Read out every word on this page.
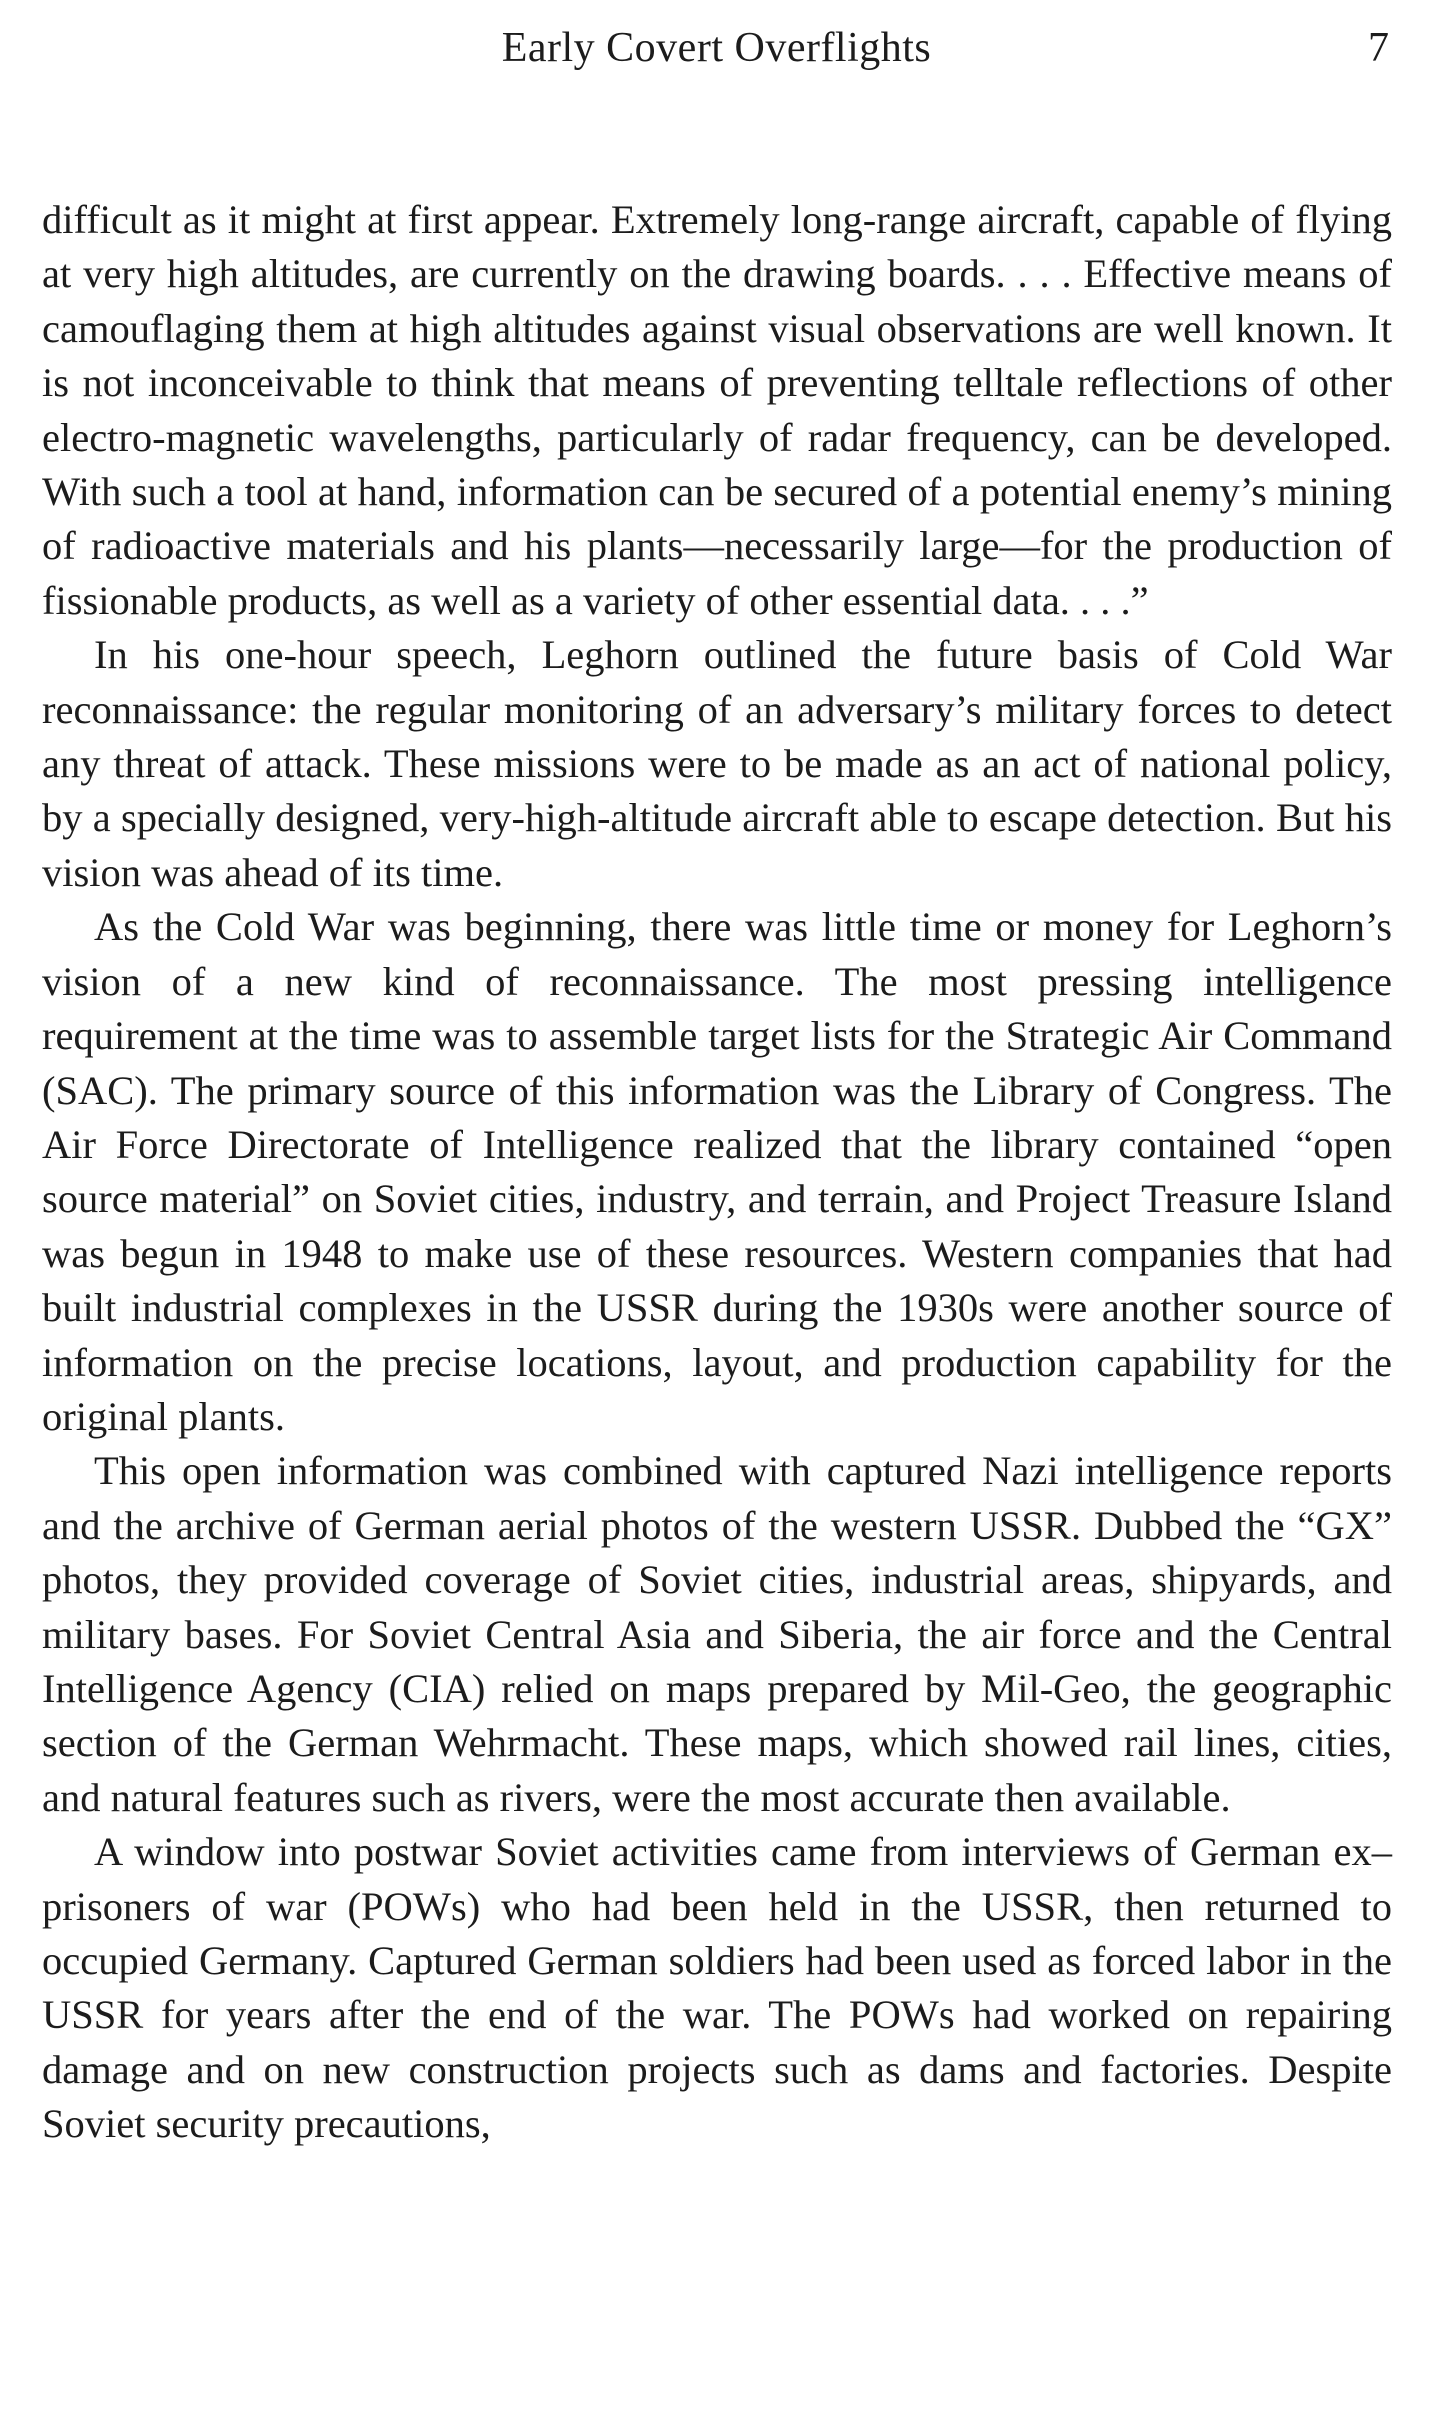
Early Covert Overflights	7

difficult as it might at first appear. Extremely long-range aircraft, capable of flying at very high altitudes, are currently on the drawing boards. . . . Effective means of camouflaging them at high altitudes against visual observations are well known. It is not inconceivable to think that means of preventing telltale reflections of other electro-magnetic wavelengths, particularly of radar frequency, can be developed. With such a tool at hand, information can be secured of a potential enemy’s mining of radioactive materials and his plants—necessarily large—for the production of fissionable products, as well as a variety of other essential data. . . .”

In his one-hour speech, Leghorn outlined the future basis of Cold War reconnaissance: the regular monitoring of an adversary’s military forces to detect any threat of attack. These missions were to be made as an act of national policy, by a specially designed, very-high-altitude aircraft able to escape detection. But his vision was ahead of its time.

As the Cold War was beginning, there was little time or money for Leghorn’s vision of a new kind of reconnaissance. The most pressing intelligence requirement at the time was to assemble target lists for the Strategic Air Command (SAC). The primary source of this information was the Library of Congress. The Air Force Directorate of Intelligence realized that the library contained “open source material” on Soviet cities, industry, and terrain, and Project Treasure Island was begun in 1948 to make use of these resources. Western companies that had built industrial complexes in the USSR during the 1930s were another source of information on the precise locations, layout, and production capability for the original plants.

This open information was combined with captured Nazi intelligence reports and the archive of German aerial photos of the western USSR. Dubbed the “GX” photos, they provided coverage of Soviet cities, industrial areas, shipyards, and military bases. For Soviet Central Asia and Siberia, the air force and the Central Intelligence Agency (CIA) relied on maps prepared by Mil-Geo, the geographic section of the German Wehrmacht. These maps, which showed rail lines, cities, and natural features such as rivers, were the most accurate then available.

A window into postwar Soviet activities came from interviews of German ex–prisoners of war (POWs) who had been held in the USSR, then returned to occupied Germany. Captured German soldiers had been used as forced labor in the USSR for years after the end of the war. The POWs had worked on repairing damage and on new construction projects such as dams and factories. Despite Soviet security precautions,
